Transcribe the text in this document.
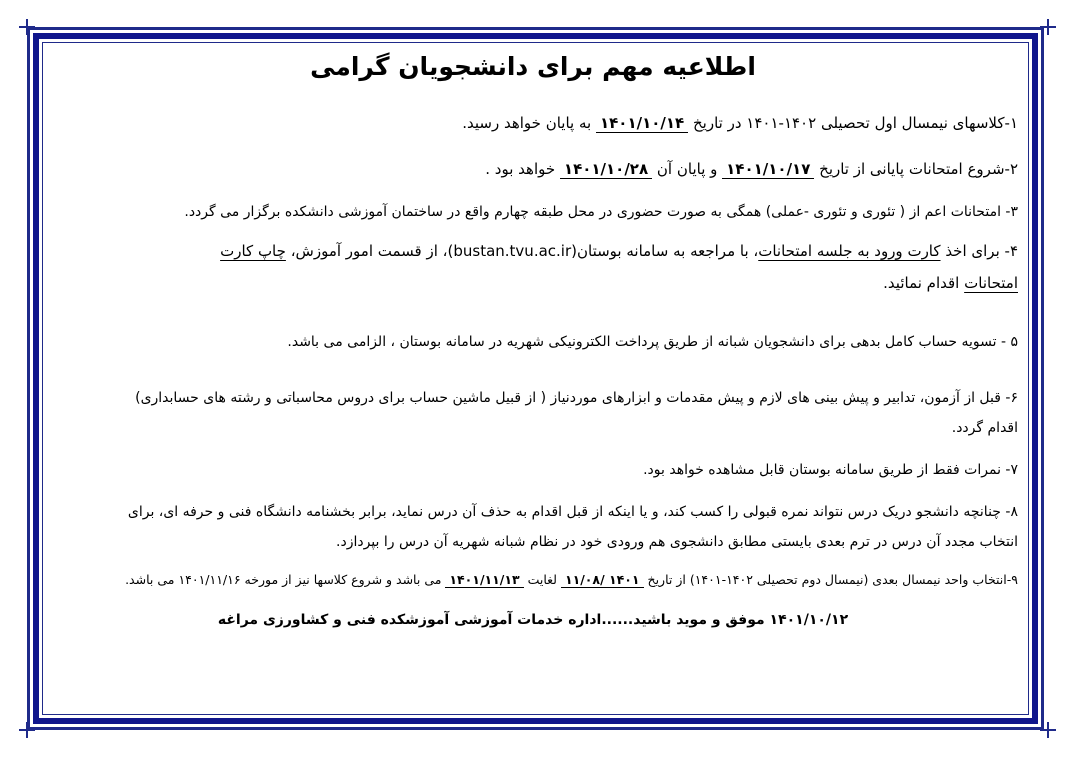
اطلاعیه مهم برای دانشجویان گرامی
۱-کلاسهای نیمسال اول تحصیلی ۱۴۰۲-۱۴۰۱ در تاریخ ۱۴۰۱/۱۰/۱۴ به پایان خواهد رسید.
۲-شروع امتحانات پایانی از تاریخ ۱۴۰۱/۱۰/۱۷ و پایان آن ۱۴۰۱/۱۰/۲۸ خواهد بود .
۳- امتحانات اعم از ( تئوری و تئوری -عملی) همگی به صورت حضوری در محل طبقه چهارم واقع در ساختمان آموزشی دانشکده برگزار می گردد.
۴- برای اخذ کارت ورود به جلسه امتحانات، با مراجعه به سامانه بوستان(bustan.tvu.ac.ir)، از قسمت امور آموزش، چاپ کارت
امتحانات اقدام نمائید.
۵ - تسویه حساب کامل بدهی برای دانشجویان شبانه از طریق پرداخت الکترونیکی شهریه در سامانه بوستان ، الزامی می باشد.
۶- قبل از آزمون، تدابیر و پیش بینی های لازم و پیش مقدمات و ابزارهای موردنیاز ( از قبیل ماشین حساب برای دروس محاسباتی و رشته های حسابداری)
اقدام گردد.
۷- نمرات فقط از طریق سامانه بوستان قابل مشاهده خواهد بود.
۸- چنانچه دانشجو دریک درس نتواند نمره قبولی را کسب کند، و یا اینکه از قبل اقدام به حذف آن درس نماید، برابر بخشنامه دانشگاه فنی و حرفه ای، برای
انتخاب مجدد آن درس در ترم بعدی بایستی مطابق دانشجوی هم ورودی خود در نظام شبانه شهریه آن درس را بپردازد.
۹-انتخاب واحد نیمسال بعدی (نیمسال دوم تحصیلی ۱۴۰۲-۱۴۰۱) از تاریخ ۱۴۰۱ /۱۱/۰۸ لغایت ۱۴۰۱/۱۱/۱۳ می باشد و شروع کلاسها نیز از مورخه ۱۴۰۱/۱۱/۱۶ می باشد.
۱۴۰۱/۱۰/۱۲ موفق و موید باشید......اداره خدمات آموزشی آموزشکده فنی و کشاورزی مراغه
